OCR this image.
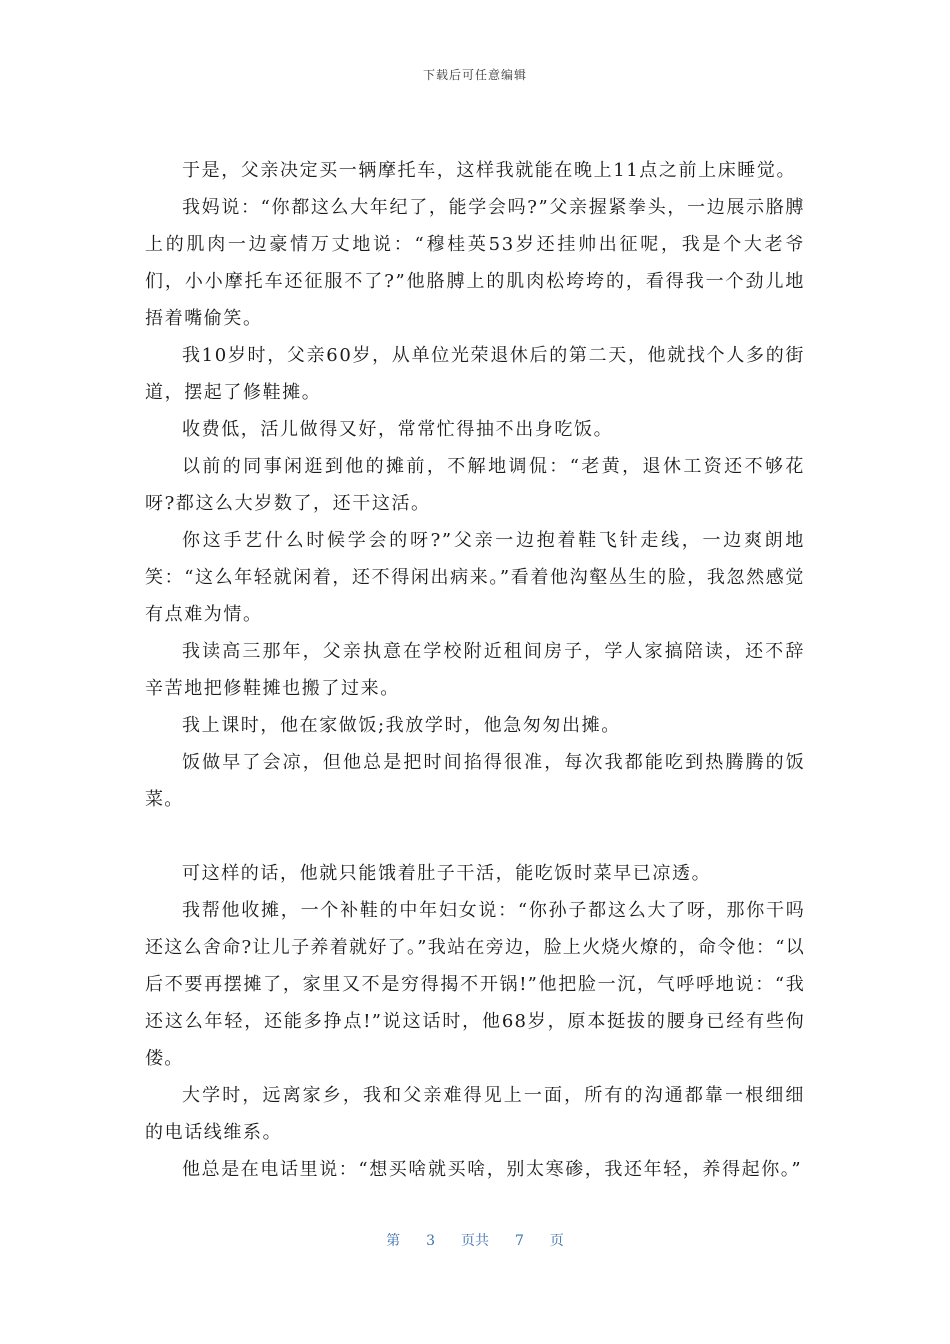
下载后可任意编辑

于是，父亲决定买一辆摩托车，这样我就能在晚上11点之前上床睡觉。

我妈说：“你都这么大年纪了，能学会吗?”父亲握紧拳头，一边展示胳膊上的肌肉一边豪情万丈地说：“穆桂英53岁还挂帅出征呢，我是个大老爷们，小小摩托车还征服不了?”他胳膊上的肌肉松垮垮的，看得我一个劲儿地捂着嘴偷笑。

我10岁时，父亲60岁，从单位光荣退休后的第二天，他就找个人多的街道，摆起了修鞋摊。

收费低，活儿做得又好，常常忙得抽不出身吃饭。

以前的同事闲逛到他的摊前，不解地调侃：“老黄，退休工资还不够花呀?都这么大岁数了，还干这活。

你这手艺什么时候学会的呀?”父亲一边抱着鞋飞针走线，一边爽朗地笑：“这么年轻就闲着，还不得闲出病来。”看着他沟壑丛生的脸，我忽然感觉有点难为情。

我读高三那年，父亲执意在学校附近租间房子，学人家搞陪读，还不辞辛苦地把修鞋摊也搬了过来。

我上课时，他在家做饭;我放学时，他急匆匆出摊。

饭做早了会凉，但他总是把时间掐得很准，每次我都能吃到热腾腾的饭菜。

可这样的话，他就只能饿着肚子干活，能吃饭时菜早已凉透。

我帮他收摊，一个补鞋的中年妇女说：“你孙子都这么大了呀，那你干吗还这么舍命?让儿子养着就好了。”我站在旁边，脸上火烧火燎的，命令他：“以后不要再摆摊了，家里又不是穷得揭不开锅!”他把脸一沉，气呼呼地说：“我还这么年轻，还能多挣点!”说这话时，他68岁，原本挺拔的腰身已经有些佝偻。

大学时，远离家乡，我和父亲难得见上一面，所有的沟通都靠一根细细的电话线维系。

他总是在电话里说：“想买啥就买啥，别太寒碜，我还年轻，养得起你。”

第 3 页共 7 页
